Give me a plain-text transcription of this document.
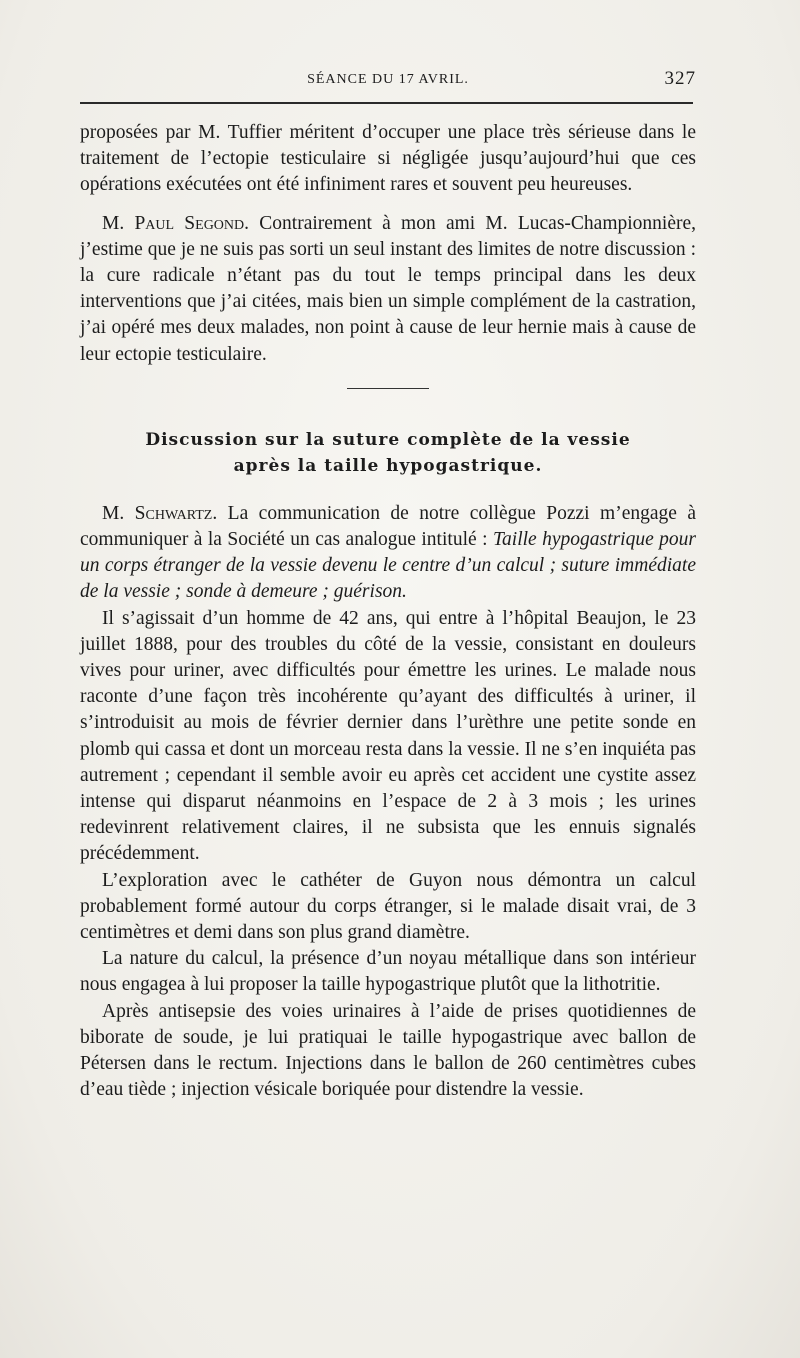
SÉANCE DU 17 AVRIL.	327

proposées par M. Tuffier méritent d’occuper une place très sérieuse dans le traitement de l’ectopie testiculaire si négligée jusqu’aujourd’hui que ces opérations exécutées ont été infiniment rares et souvent peu heureuses.

M. Paul Segond. Contrairement à mon ami M. Lucas-Championnière, j’estime que je ne suis pas sorti un seul instant des limites de notre discussion : la cure radicale n’étant pas du tout le temps principal dans les deux interventions que j’ai citées, mais bien un simple complément de la castration, j’ai opéré mes deux malades, non point à cause de leur hernie mais à cause de leur ectopie testiculaire.

Discussion sur la suture complète de la vessie
après la taille hypogastrique.

M. Schwartz. La communication de notre collègue Pozzi m’engage à communiquer à la Société un cas analogue intitulé : Taille hypogastrique pour un corps étranger de la vessie devenu le centre d’un calcul ; suture immédiate de la vessie ; sonde à demeure ; guérison.

Il s’agissait d’un homme de 42 ans, qui entre à l’hôpital Beaujon, le 23 juillet 1888, pour des troubles du côté de la vessie, consistant en douleurs vives pour uriner, avec difficultés pour émettre les urines. Le malade nous raconte d’une façon très incohérente qu’ayant des difficultés à uriner, il s’introduisit au mois de février dernier dans l’urèthre une petite sonde en plomb qui cassa et dont un morceau resta dans la vessie. Il ne s’en inquiéta pas autrement ; cependant il semble avoir eu après cet accident une cystite assez intense qui disparut néanmoins en l’espace de 2 à 3 mois ; les urines redevinrent relativement claires, il ne subsista que les ennuis signalés précédemment.

L’exploration avec le cathéter de Guyon nous démontra un calcul probablement formé autour du corps étranger, si le malade disait vrai, de 3 centimètres et demi dans son plus grand diamètre.

La nature du calcul, la présence d’un noyau métallique dans son intérieur nous engagea à lui proposer la taille hypogastrique plutôt que la lithotritie.

Après antisepsie des voies urinaires à l’aide de prises quotidiennes de biborate de soude, je lui pratiquai le taille hypogastrique avec ballon de Pétersen dans le rectum. Injections dans le ballon de 260 centimètres cubes d’eau tiède ; injection vésicale boriquée pour distendre la vessie.
